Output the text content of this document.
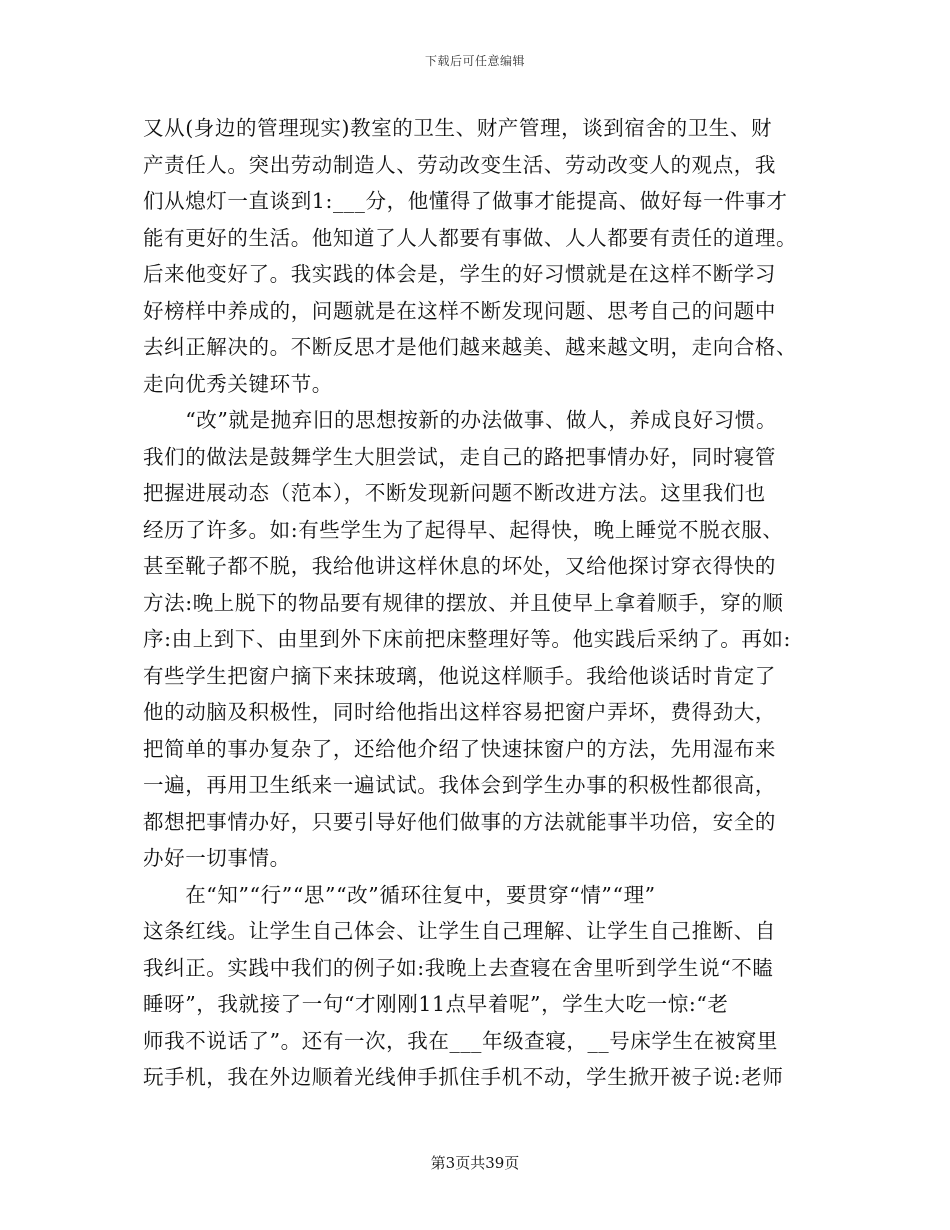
下载后可任意编辑
又从(身边的管理现实)教室的卫生、财产管理，谈到宿舍的卫生、财
产责任人。突出劳动制造人、劳动改变生活、劳动改变人的观点，我
们从熄灯一直谈到1:___分，他懂得了做事才能提高、做好每一件事才
能有更好的生活。他知道了人人都要有事做、人人都要有责任的道理。
后来他变好了。我实践的体会是，学生的好习惯就是在这样不断学习
好榜样中养成的，问题就是在这样不断发现问题、思考自己的问题中
去纠正解决的。不断反思才是他们越来越美、越来越文明，走向合格、
走向优秀关键环节。
　　“改”就是抛弃旧的思想按新的办法做事、做人，养成良好习惯。
我们的做法是鼓舞学生大胆尝试，走自己的路把事情办好，同时寝管
把握进展动态（范本），不断发现新问题不断改进方法。这里我们也
经历了许多。如:有些学生为了起得早、起得快，晚上睡觉不脱衣服、
甚至靴子都不脱，我给他讲这样休息的坏处，又给他探讨穿衣得快的
方法:晚上脱下的物品要有规律的摆放、并且使早上拿着顺手，穿的顺
序:由上到下、由里到外下床前把床整理好等。他实践后采纳了。再如:
有些学生把窗户摘下来抹玻璃，他说这样顺手。我给他谈话时肯定了
他的动脑及积极性，同时给他指出这样容易把窗户弄坏，费得劲大，
把简单的事办复杂了，还给他介绍了快速抹窗户的方法，先用湿布来
一遍，再用卫生纸来一遍试试。我体会到学生办事的积极性都很高，
都想把事情办好，只要引导好他们做事的方法就能事半功倍，安全的
办好一切事情。
　　在“知”“行”“思”“改”循环往复中，要贯穿“情”“理”
这条红线。让学生自己体会、让学生自己理解、让学生自己推断、自
我纠正。实践中我们的例子如:我晚上去查寝在舍里听到学生说“不瞌
睡呀”，我就接了一句“才刚刚11点早着呢”，学生大吃一惊:“老
师我不说话了”。还有一次，我在___年级查寝，__号床学生在被窝里
玩手机，我在外边顺着光线伸手抓住手机不动，学生掀开被子说:老师
第3页共39页
